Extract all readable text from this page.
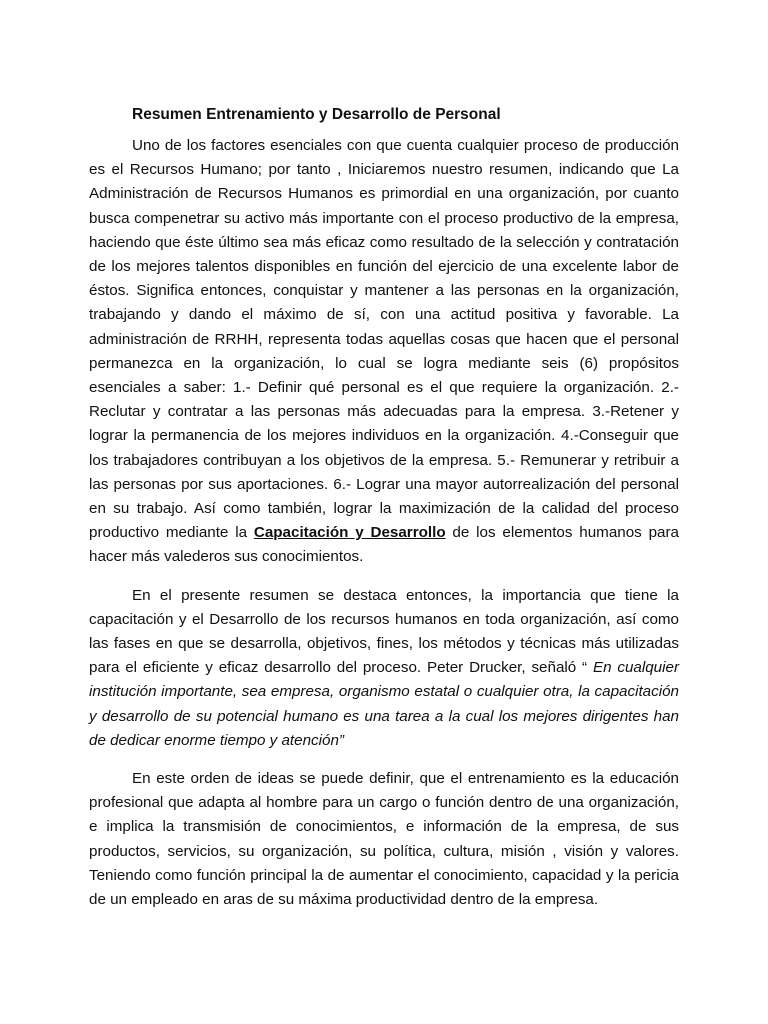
Resumen Entrenamiento y Desarrollo de Personal

Uno de los factores esenciales con que cuenta cualquier proceso de producción es el Recursos Humano; por tanto , Iniciaremos nuestro resumen, indicando que La Administración de Recursos Humanos es primordial en una organización, por cuanto busca compenetrar su activo más importante con el proceso productivo de la empresa, haciendo que éste último sea más eficaz como resultado de la selección y contratación de los mejores talentos disponibles en función del ejercicio de una excelente labor de éstos. Significa entonces, conquistar y mantener a las personas en la organización, trabajando y dando el máximo de sí, con una actitud positiva y favorable. La administración de RRHH, representa todas aquellas cosas que hacen que el personal permanezca en la organización, lo cual se logra mediante seis (6) propósitos esenciales a saber: 1.- Definir qué personal es el que requiere la organización. 2.- Reclutar y contratar a las personas más adecuadas para la empresa. 3.-Retener y lograr la permanencia de los mejores individuos en la organización. 4.-Conseguir que los trabajadores contribuyan a los objetivos de la empresa. 5.- Remunerar y retribuir a las personas por sus aportaciones. 6.- Lograr una mayor autorrealización del personal en su trabajo. Así como también, lograr la maximización de la calidad del proceso productivo mediante la Capacitación y Desarrollo de los elementos humanos para hacer más valederos sus conocimientos.

En el presente resumen se destaca entonces, la importancia que tiene la capacitación y el Desarrollo de los recursos humanos en toda organización, así como las fases en que se desarrolla, objetivos, fines, los métodos y técnicas más utilizadas para el eficiente y eficaz desarrollo del proceso. Peter Drucker, señaló “ En cualquier institución importante, sea empresa, organismo estatal o cualquier otra, la capacitación y desarrollo de su potencial humano es una tarea a la cual los mejores dirigentes han de dedicar enorme tiempo y atención”

En este orden de ideas se puede definir, que el entrenamiento es la educación profesional que adapta al hombre para un cargo o función dentro de una organización, e implica la transmisión de conocimientos, e información de la empresa, de sus productos, servicios, su organización, su política, cultura, misión , visión y valores. Teniendo como función principal la de aumentar el conocimiento, capacidad y la pericia de un empleado en aras de su máxima productividad dentro de la empresa.
